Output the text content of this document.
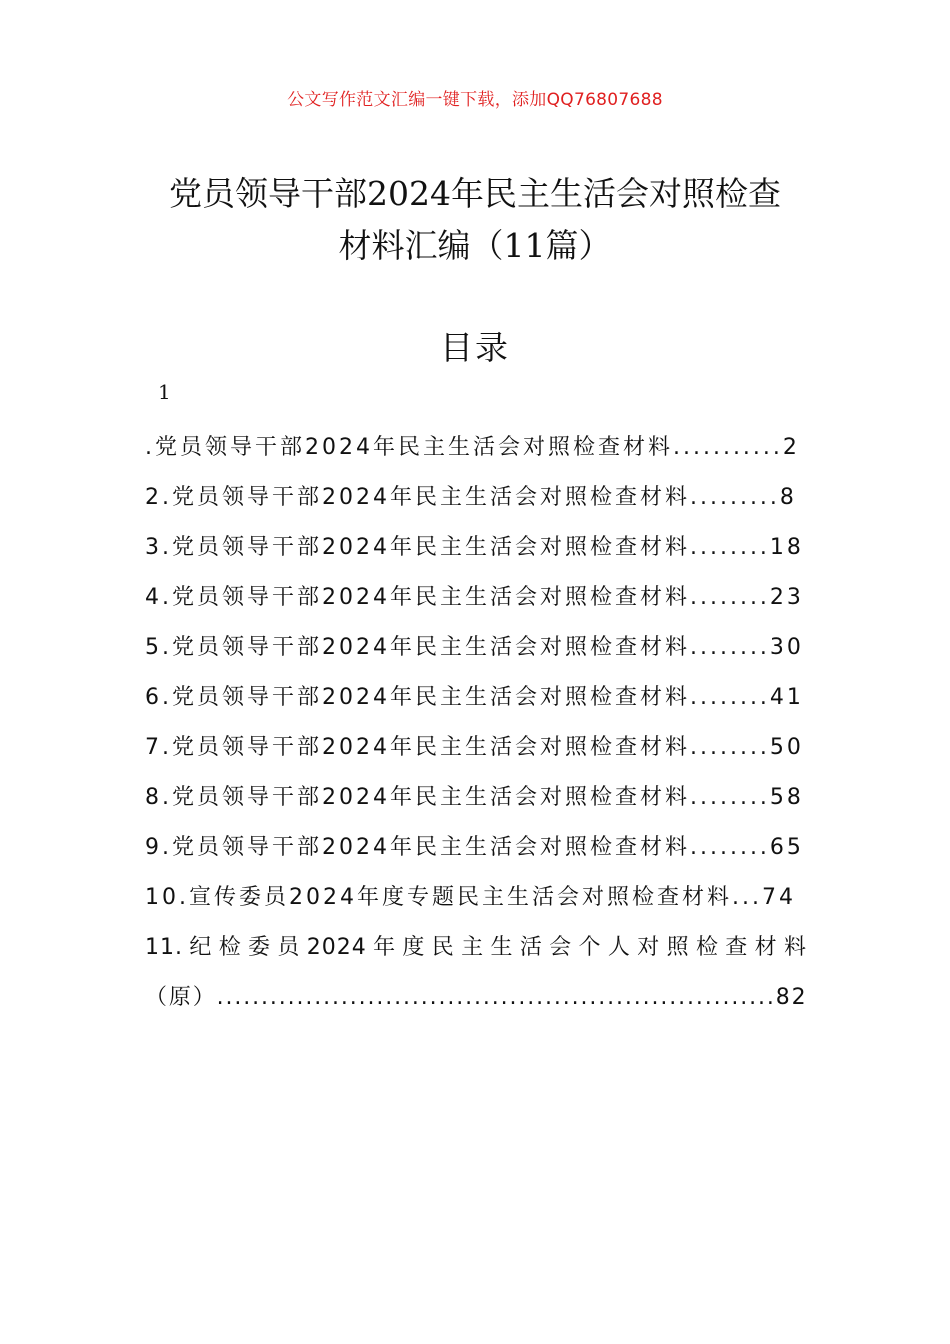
公文写作范文汇编一键下载，添加QQ76807688
党员领导干部2024年民主生活会对照检查
材料汇编（11篇）
目录
1
.党员领导干部2024年民主生活会对照检查材料...........2
2.党员领导干部2024年民主生活会对照检查材料.........8
3.党员领导干部2024年民主生活会对照检查材料........18
4.党员领导干部2024年民主生活会对照检查材料........23
5.党员领导干部2024年民主生活会对照检查材料........30
6.党员领导干部2024年民主生活会对照检查材料........41
7.党员领导干部2024年民主生活会对照检查材料........50
8.党员领导干部2024年民主生活会对照检查材料........58
9.党员领导干部2024年民主生活会对照检查材料........65
10.宣传委员2024年度专题民主生活会对照检查材料...74
11.纪检委员2024年度民主生活会个人对照检查材料
（原）...............................................................82
